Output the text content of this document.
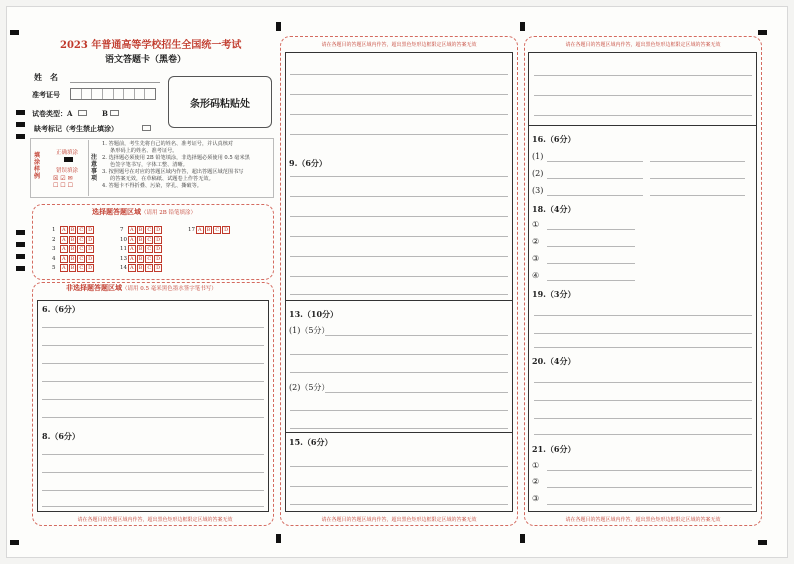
2023 年普通高等学校招生全国统一考试
语文答题卡（黑卷）
姓　名
准考证号
试卷类型：A	B
缺考标记（考生禁止填涂）
条形码粘贴处
填涂样例
正确填涂
错误填涂
☒ ☑ ✉
☐ ☐ ☐
注意事项
1. 答题前，考生先将自己的姓名、准考证号，并认真核对
条形码上的姓名、准考证号。
2. 选择题必须使用 2B 铅笔填涂，非选择题必须使用 0.5 毫米黑
色签字笔书写，字体工整、清晰。
3. 按照题号在对应的答题区域内作答，超出答题区域范围书写
的答案无效，在草稿纸、试题卷上作答无效。
4. 答题卡不得折叠、污染，穿孔、撕破等。
选择题答题区域（请用 2B 铅笔填涂）
1 A B C D
2 A B C D
3 A B C D
4 A B C D
5 A B C D
7 A B C D
10 A B C D
11 A B C D
13 A B C D
14 A B C D
17 A B C D
非选择题答题区域（请用 0.5 毫米黑色墨水签字笔书写）
6.（6分）
8.（6分）
请在各题目的答题区域内作答，超出黑色矩形边框限定区域的答案无效
请在各题目的答题区域内作答，超出黑色矩形边框限定区域的答案无效
9.（6分）
13.（10分）
(1)（5分）
(2)（5分）
15.（6分）
请在各题目的答题区域内作答，超出黑色矩形边框限定区域的答案无效
请在各题目的答题区域内作答，超出黑色矩形边框限定区域的答案无效
16.（6分）
(1)
(2)
(3)
18.（4分）
①
②
③
④
19.（3分）
20.（4分）
21.（6分）
①
②
③
请在各题目的答题区域内作答，超出黑色矩形边框限定区域的答案无效
